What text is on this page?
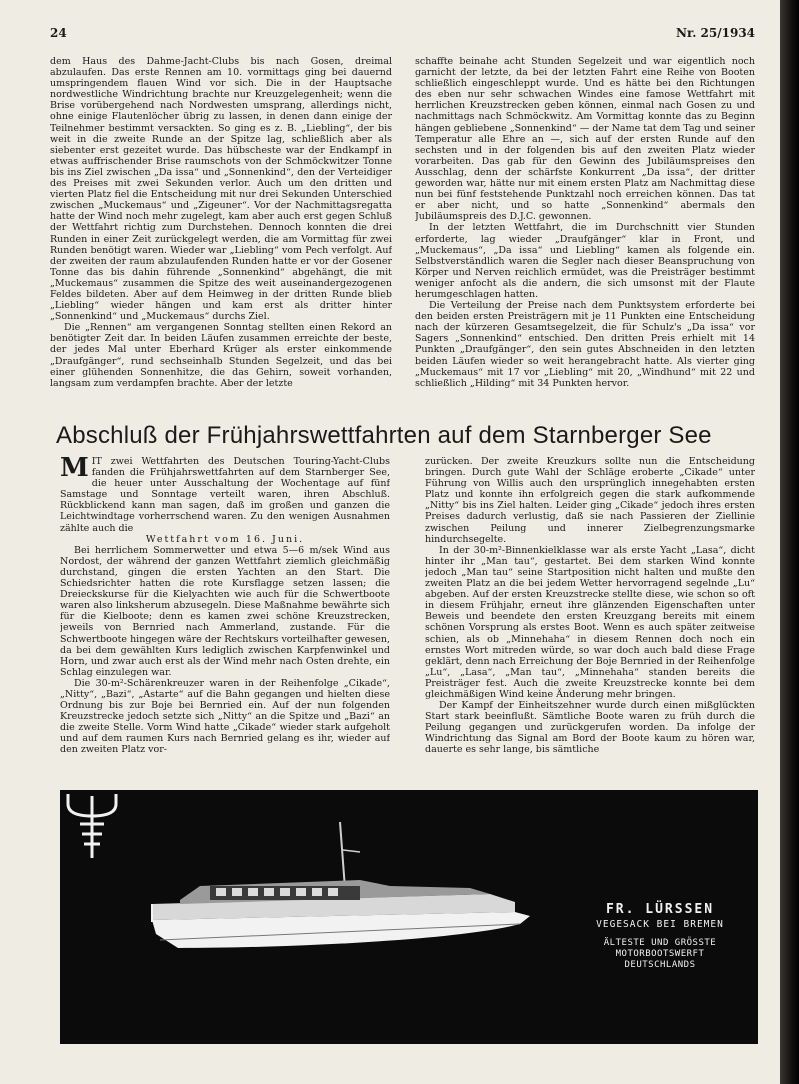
24	Nr. 25/1934

dem Haus des Dahme-Jacht-Clubs bis nach Gosen, dreimal abzulaufen. Das erste Rennen am 10. vormittags ging bei dauernd umspringendem flauen Wind vor sich. Die in der Hauptsache nordwestliche Windrichtung brachte nur Kreuzgelegenheit; wenn die Brise vorübergehend nach Nordwesten umsprang, allerdings nicht, ohne einige Flautenlöcher übrig zu lassen, in denen dann einige der Teilnehmer bestimmt versackten. So ging es z. B. „Liebling“, der bis weit in die zweite Runde an der Spitze lag, schließlich aber als siebenter erst gezeitet wurde. Das hübscheste war der Endkampf in etwas auffrischender Brise raumschots von der Schmöckwitzer Tonne bis ins Ziel zwischen „Da issa“ und „Sonnenkind“, den der Verteidiger des Preises mit zwei Sekunden verlor. Auch um den dritten und vierten Platz fiel die Entscheidung mit nur drei Sekunden Unterschied zwischen „Muckemaus“ und „Zigeuner“. Vor der Nachmittagsregatta hatte der Wind noch mehr zugelegt, kam aber auch erst gegen Schluß der Wettfahrt richtig zum Durchstehen. Dennoch konnten die drei Runden in einer Zeit zurückgelegt werden, die am Vormittag für zwei Runden benötigt waren. Wieder war „Liebling“ vom Pech verfolgt. Auf der zweiten der raum abzulaufenden Runden hatte er vor der Gosener Tonne das bis dahin führende „Sonnenkind“ abgehängt, die mit „Muckemaus“ zusammen die Spitze des weit auseinandergezogenen Feldes bildeten. Aber auf dem Heimweg in der dritten Runde blieb „Liebling“ wieder hängen und kam erst als dritter hinter „Sonnenkind“ und „Muckemaus“ durchs Ziel.

Die „Rennen“ am vergangenen Sonntag stellten einen Rekord an benötigter Zeit dar. In beiden Läufen zusammen erreichte der beste, der jedes Mal unter Eberhard Krüger als erster einkommende „Draufgänger“, rund sechseinhalb Stunden Segelzeit, und das bei einer glühenden Sonnenhitze, die das Gehirn, soweit vorhanden, langsam zum verdampfen brachte. Aber der letzte

schaffte beinahe acht Stunden Segelzeit und war eigentlich noch garnicht der letzte, da bei der letzten Fahrt eine Reihe von Booten schließlich eingeschleppt wurde. Und es hätte bei den Richtungen des eben nur sehr schwachen Windes eine famose Wettfahrt mit herrlichen Kreuzstrecken geben können, einmal nach Gosen zu und nachmittags nach Schmöckwitz. Am Vormittag konnte das zu Beginn hängen gebliebene „Sonnenkind“ — der Name tat dem Tag und seiner Temperatur alle Ehre an —, sich auf der ersten Runde auf den sechsten und in der folgenden bis auf den zweiten Platz wieder vorarbeiten. Das gab für den Gewinn des Jubiläumspreises den Ausschlag, denn der schärfste Konkurrent „Da issa“, der dritter geworden war, hätte nur mit einem ersten Platz am Nachmittag diese nun bei fünf feststehende Punktzahl noch erreichen können. Das tat er aber nicht, und so hatte „Sonnenkind“ abermals den Jubiläumspreis des D.J.C. gewonnen.

In der letzten Wettfahrt, die im Durchschnitt vier Stunden erforderte, lag wieder „Draufgänger“ klar in Front, und „Muckemaus“, „Da issa“ und Liebling“ kamen als folgende ein. Selbstverständlich waren die Segler nach dieser Beanspruchung von Körper und Nerven reichlich ermüdet, was die Preisträger bestimmt weniger anfocht als die andern, die sich umsonst mit der Flaute herumgeschlagen hatten.

Die Verteilung der Preise nach dem Punktsystem erforderte bei den beiden ersten Preisträgern mit je 11 Punkten eine Entscheidung nach der kürzeren Gesamtsegelzeit, die für Schulz's „Da issa“ vor Sagers „Sonnenkind“ entschied. Den dritten Preis erhielt mit 14 Punkten „Draufgänger“, den sein gutes Abschneiden in den letzten beiden Läufen wieder so weit herangebracht hatte. Als vierter ging „Muckemaus“ mit 17 vor „Liebling“ mit 20, „Windhund“ mit 22 und schließlich „Hilding“ mit 34 Punkten hervor.

Abschluß der Frühjahrswettfahrten auf dem Starnberger See

MIT zwei Wettfahrten des Deutschen Touring-Yacht-Clubs fanden die Frühjahrswettfahrten auf dem Starnberger See, die heuer unter Ausschaltung der Wochentage auf fünf Samstage und Sonntage verteilt waren, ihren Abschluß. Rückblickend kann man sagen, daß im großen und ganzen die Leichtwindtage vorherrschend waren. Zu den wenigen Ausnahmen zählte auch die

Wettfahrt vom 16. Juni.

Bei herrlichem Sommerwetter und etwa 5—6 m/sek Wind aus Nordost, der während der ganzen Wettfahrt ziemlich gleichmäßig durchstand, gingen die ersten Yachten an den Start. Die Schiedsrichter hatten die rote Kursflagge setzen lassen; die Dreieckskurse für die Kielyachten wie auch für die Schwertboote waren also linksherum abzusegeln. Diese Maßnahme bewährte sich für die Kielboote; denn es kamen zwei schöne Kreuzstrecken, jeweils von Bernried nach Ammerland, zustande. Für die Schwertboote hingegen wäre der Rechtskurs vorteilhafter gewesen, da bei dem gewählten Kurs lediglich zwischen Karpfenwinkel und Horn, und zwar auch erst als der Wind mehr nach Osten drehte, ein Schlag einzulegen war.

Die 30-m²-Schärenkreuzer waren in der Reihenfolge „Cikade“, „Nitty“, „Bazi“, „Astarte“ auf die Bahn gegangen und hielten diese Ordnung bis zur Boje bei Bernried ein. Auf der nun folgenden Kreuzstrecke jedoch setzte sich „Nitty“ an die Spitze und „Bazi“ an die zweite Stelle. Vorm Wind hatte „Cikade“ wieder stark aufgeholt und auf dem raumen Kurs nach Bernried gelang es ihr, wieder auf den zweiten Platz vor-

zurücken. Der zweite Kreuzkurs sollte nun die Entscheidung bringen. Durch gute Wahl der Schläge eroberte „Cikade“ unter Führung von Willis auch den ursprünglich innegehabten ersten Platz und konnte ihn erfolgreich gegen die stark aufkommende „Nitty“ bis ins Ziel halten. Leider ging „Cikade“ jedoch ihres ersten Preises dadurch verlustig, daß sie nach Passieren der Ziellinie zwischen Peilung und innerer Zielbegrenzungsmarke hindurchsegelte.

In der 30-m²-Binnenkielklasse war als erste Yacht „Lasa“, dicht hinter ihr „Man tau“, gestartet. Bei dem starken Wind konnte jedoch „Man tau“ seine Startposition nicht halten und mußte den zweiten Platz an die bei jedem Wetter hervorragend segelnde „Lu“ abgeben. Auf der ersten Kreuzstrecke stellte diese, wie schon so oft in diesem Frühjahr, erneut ihre glänzenden Eigenschaften unter Beweis und beendete den ersten Kreuzgang bereits mit einem schönen Vorsprung als erstes Boot. Wenn es auch später zeitweise schien, als ob „Minnehaha“ in diesem Rennen doch noch ein ernstes Wort mitreden würde, so war doch auch bald diese Frage geklärt, denn nach Erreichung der Boje Bernried in der Reihenfolge „Lu“, „Lasa“, „Man tau“, „Minnehaha“ standen bereits die Preisträger fest. Auch die zweite Kreuzstrecke konnte bei dem gleichmäßigen Wind keine Änderung mehr bringen.

Der Kampf der Einheitszehner wurde durch einen mißglückten Start stark beeinflußt. Sämtliche Boote waren zu früh durch die Peilung gegangen und zurückgerufen worden. Da infolge der Windrichtung das Signal am Bord der Boote kaum zu hören war, dauerte es sehr lange, bis sämtliche

FR. LÜRSSEN
VEGESACK BEI BREMEN
ÄLTESTE UND GRÖSSTE
MOTORBOOTSWERFT
DEUTSCHLANDS
